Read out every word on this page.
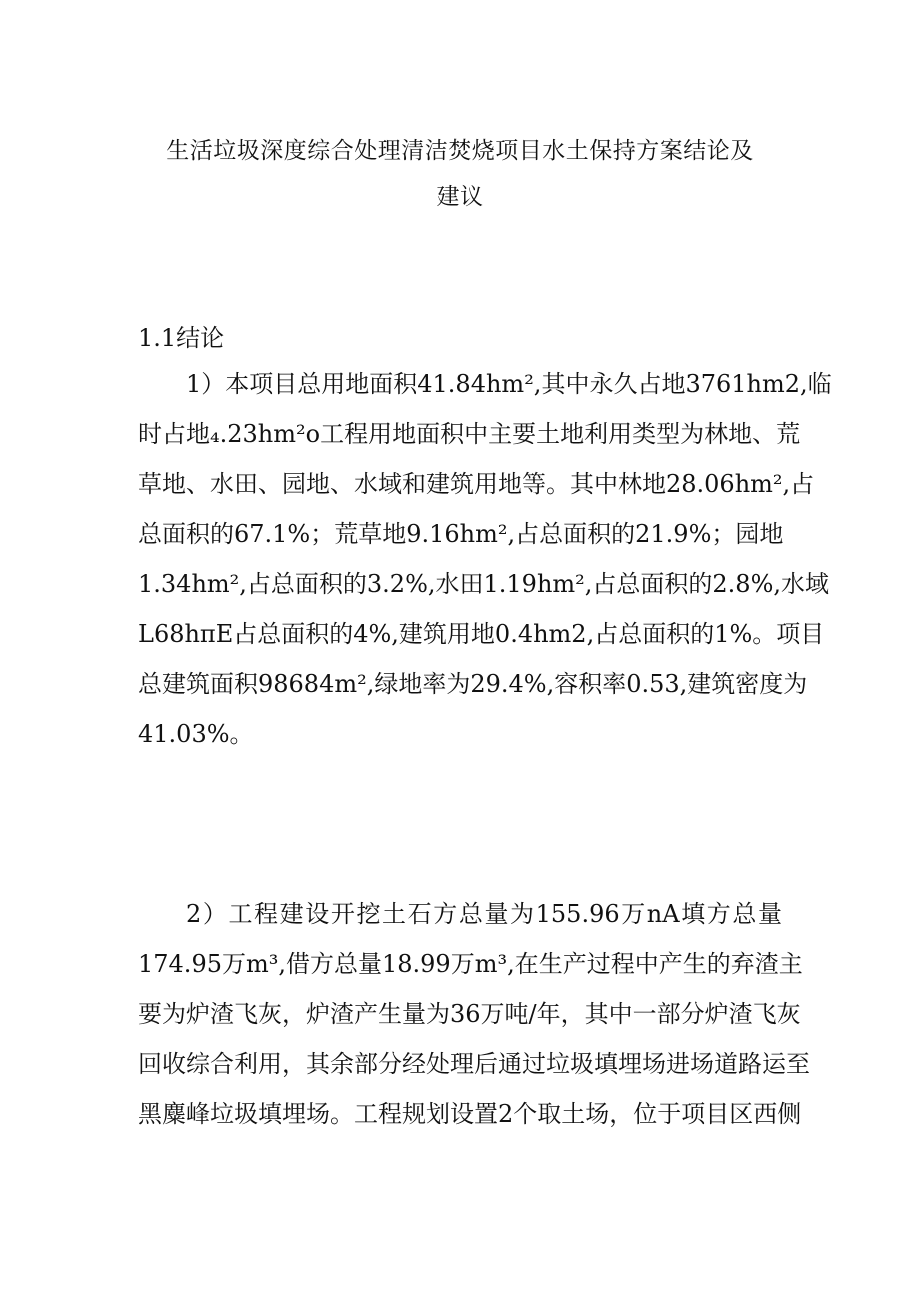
生活垃圾深度综合处理清洁焚烧项目水土保持方案结论及
建议
1.1结论
1）本项目总用地面积41.84hm²,其中永久占地3761hm2,临
时占地₄.23hm²o工程用地面积中主要土地利用类型为林地、荒
草地、水田、园地、水域和建筑用地等。其中林地28.06hm²,占
总面积的67.1%；荒草地9.16hm²,占总面积的21.9%；园地
1.34hm²,占总面积的3.2%,水田1.19hm²,占总面积的2.8%,水域
L68hπE占总面积的4%,建筑用地0.4hm2,占总面积的1%。项目
总建筑面积98684m²,绿地率为29.4%,容积率0.53,建筑密度为
41.03%。
2）工程建设开挖土石方总量为155.96万nA填方总量
174.95万m³,借方总量18.99万m³,在生产过程中产生的弃渣主
要为炉渣飞灰，炉渣产生量为36万吨/年，其中一部分炉渣飞灰
回收综合利用，其余部分经处理后通过垃圾填埋场进场道路运至
黑麋峰垃圾填埋场。工程规划设置2个取土场，位于项目区西侧
